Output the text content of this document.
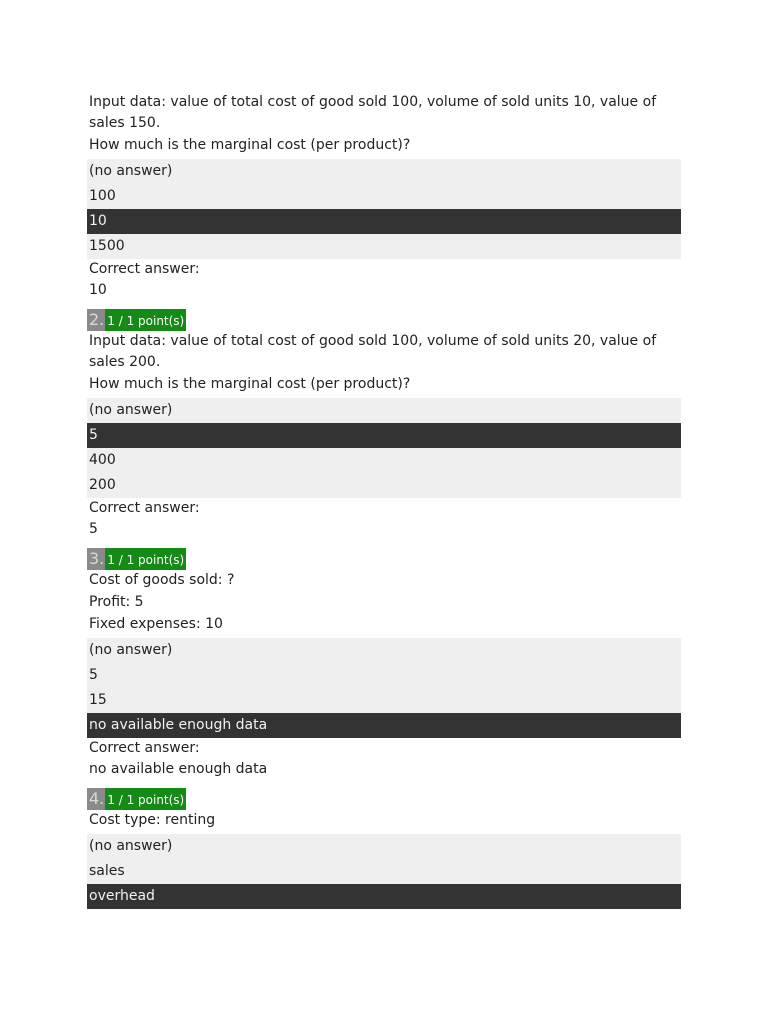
Input data: value of total cost of good sold 100, volume of sold units 10, value of sales 150.
How much is the marginal cost (per product)?
(no answer)
100
10
1500
Correct answer:
10
2. 1 / 1 point(s)
Input data: value of total cost of good sold 100, volume of sold units 20, value of sales 200.
How much is the marginal cost (per product)?
(no answer)
5
400
200
Correct answer:
5
3. 1 / 1 point(s)
Cost of goods sold: ?
Profit: 5
Fixed expenses: 10
(no answer)
5
15
no available enough data
Correct answer:
no available enough data
4. 1 / 1 point(s)
Cost type: renting
(no answer)
sales
overhead
